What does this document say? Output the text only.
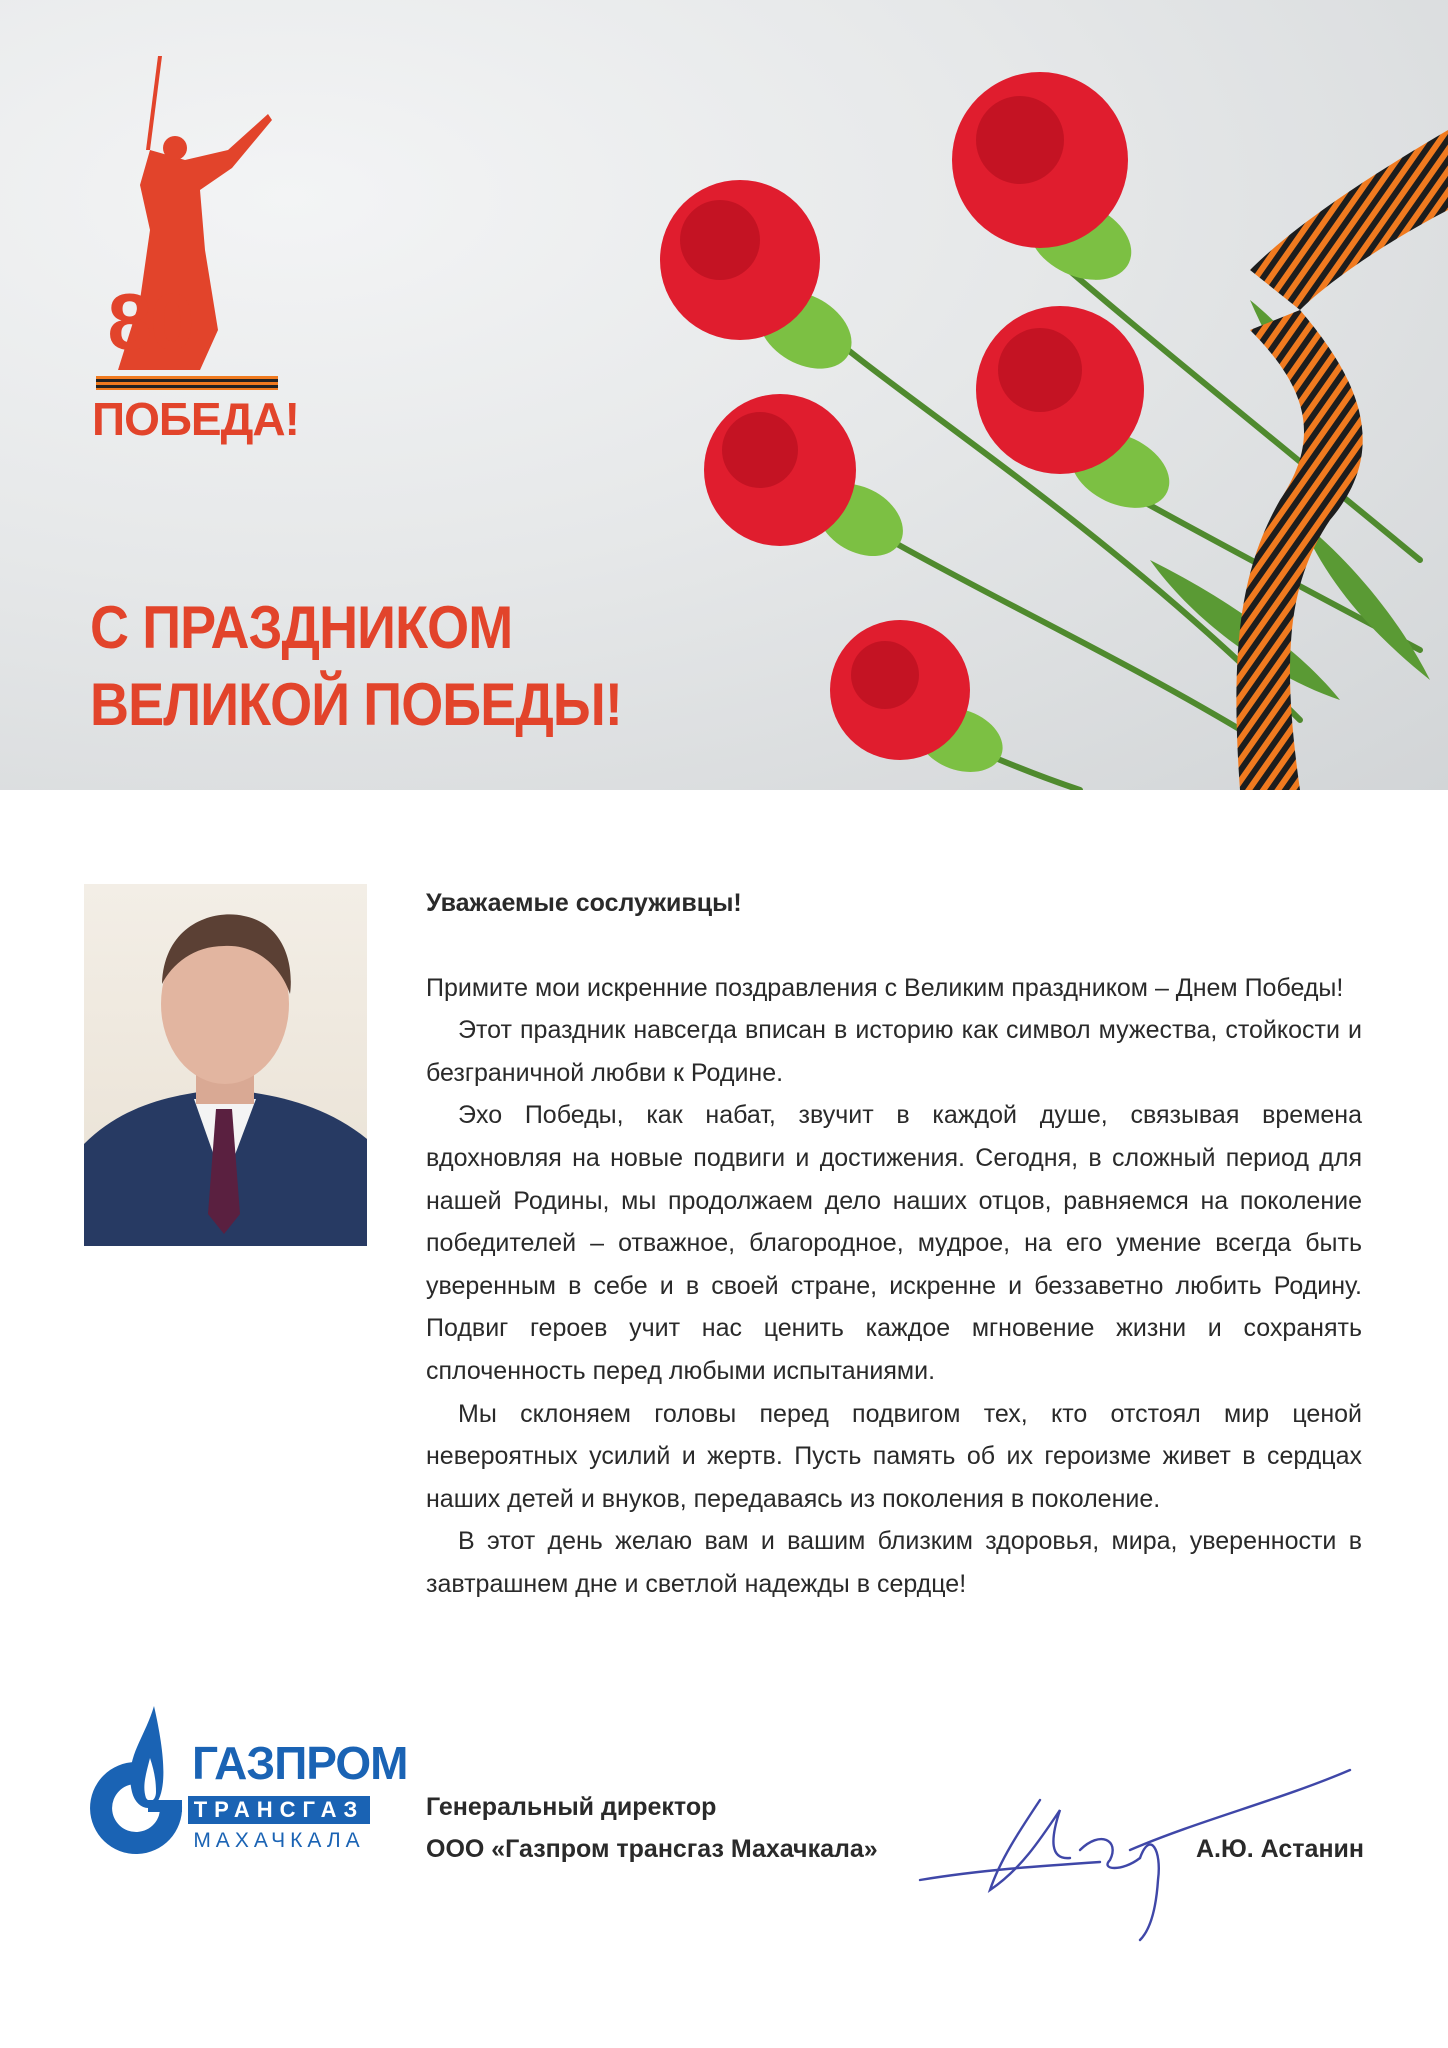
80
ПОБЕДА!
С ПРАЗДНИКОМ
ВЕЛИКОЙ ПОБЕДЫ!
Уважаемые сослуживцы!

Примите мои искренние поздравления с Великим праздником – Днем Победы!

Этот праздник навсегда вписан в историю как символ мужества, стойкости и безграничной любви к Родине.

Эхо Победы, как набат, звучит в каждой душе, связывая времена вдохновляя на новые подвиги и достижения. Сегодня, в сложный период для нашей Родины, мы продолжаем дело наших отцов, равняемся на поколение победителей – отважное, благородное, мудрое, на его умение всегда быть уверенным в себе и в своей стране, искренне и беззаветно любить Родину. Подвиг героев учит нас ценить каждое мгновение жизни и сохранять сплоченность перед любыми испытаниями.

Мы склоняем головы перед подвигом тех, кто отстоял мир ценой невероятных усилий и жертв. Пусть память об их героизме живет в сердцах наших детей и внуков, передаваясь из поколения в поколение.

В этот день желаю вам и вашим близким здоровья, мира, уверенности в завтрашнем дне и светлой надежды в сердце!

ГАЗПРОМ
ТРАНСГАЗ
МАХАЧКАЛА
Генеральный директор
ООО «Газпром трансгаз Махачкала»	А.Ю. Астанин
